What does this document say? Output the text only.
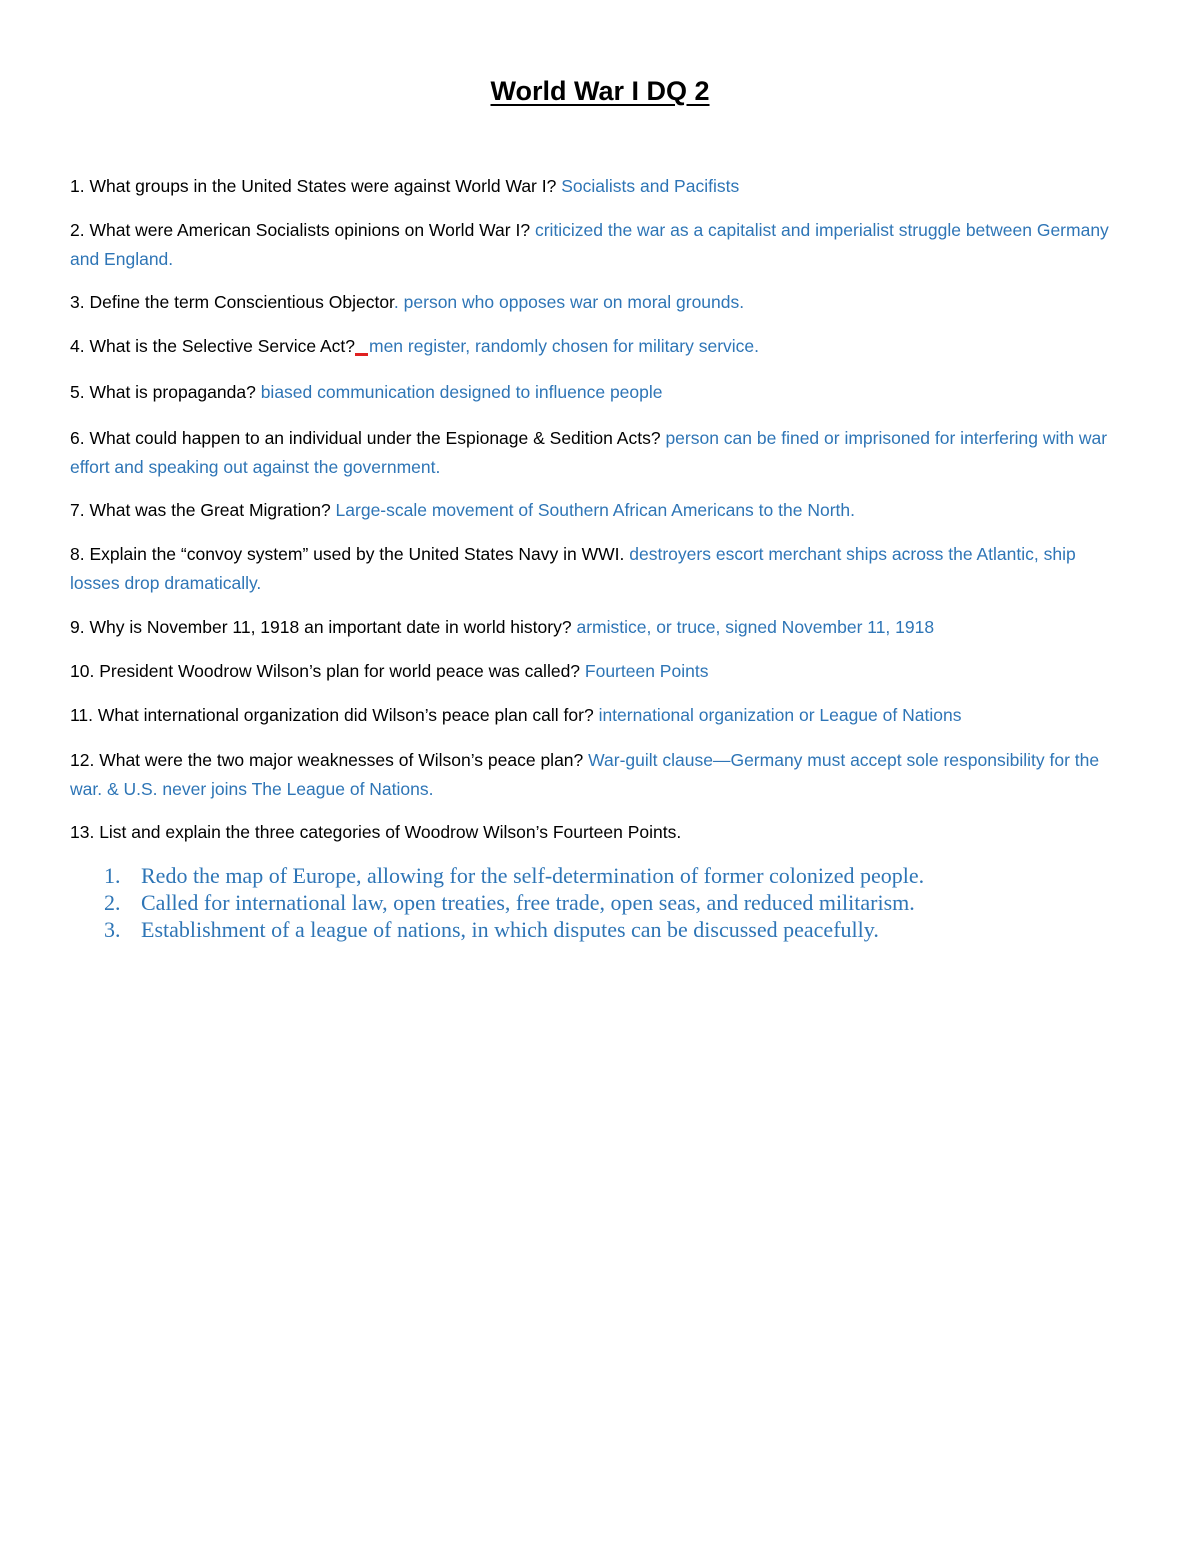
World War I DQ 2
1. What groups in the United States were against World War I? Socialists and Pacifists
2. What were American Socialists opinions on World War I? criticized the war as a capitalist and imperialist struggle between Germany and England.
3. Define the term Conscientious Objector. person who opposes war on moral grounds.
4. What is the Selective Service Act? men register, randomly chosen for military service.
5. What is propaganda? biased communication designed to influence people
6. What could happen to an individual under the Espionage & Sedition Acts? person can be fined or imprisoned for interfering with war effort and speaking out against the government.
7. What was the Great Migration? Large-scale movement of Southern African Americans to the North.
8. Explain the “convoy system” used by the United States Navy in WWI. destroyers escort merchant ships across the Atlantic, ship losses drop dramatically.
9. Why is November 11, 1918 an important date in world history? armistice, or truce, signed November 11, 1918
10. President Woodrow Wilson’s plan for world peace was called? Fourteen Points
11. What international organization did Wilson’s peace plan call for? international organization or League of Nations
12. What were the two major weaknesses of Wilson’s peace plan? War-guilt clause—Germany must accept sole responsibility for the war. & U.S. never joins The League of Nations.
13. List and explain the three categories of Woodrow Wilson’s Fourteen Points.
1. Redo the map of Europe, allowing for the self-determination of former colonized people.
2. Called for international law, open treaties, free trade, open seas, and reduced militarism.
3. Establishment of a league of nations, in which disputes can be discussed peacefully.
